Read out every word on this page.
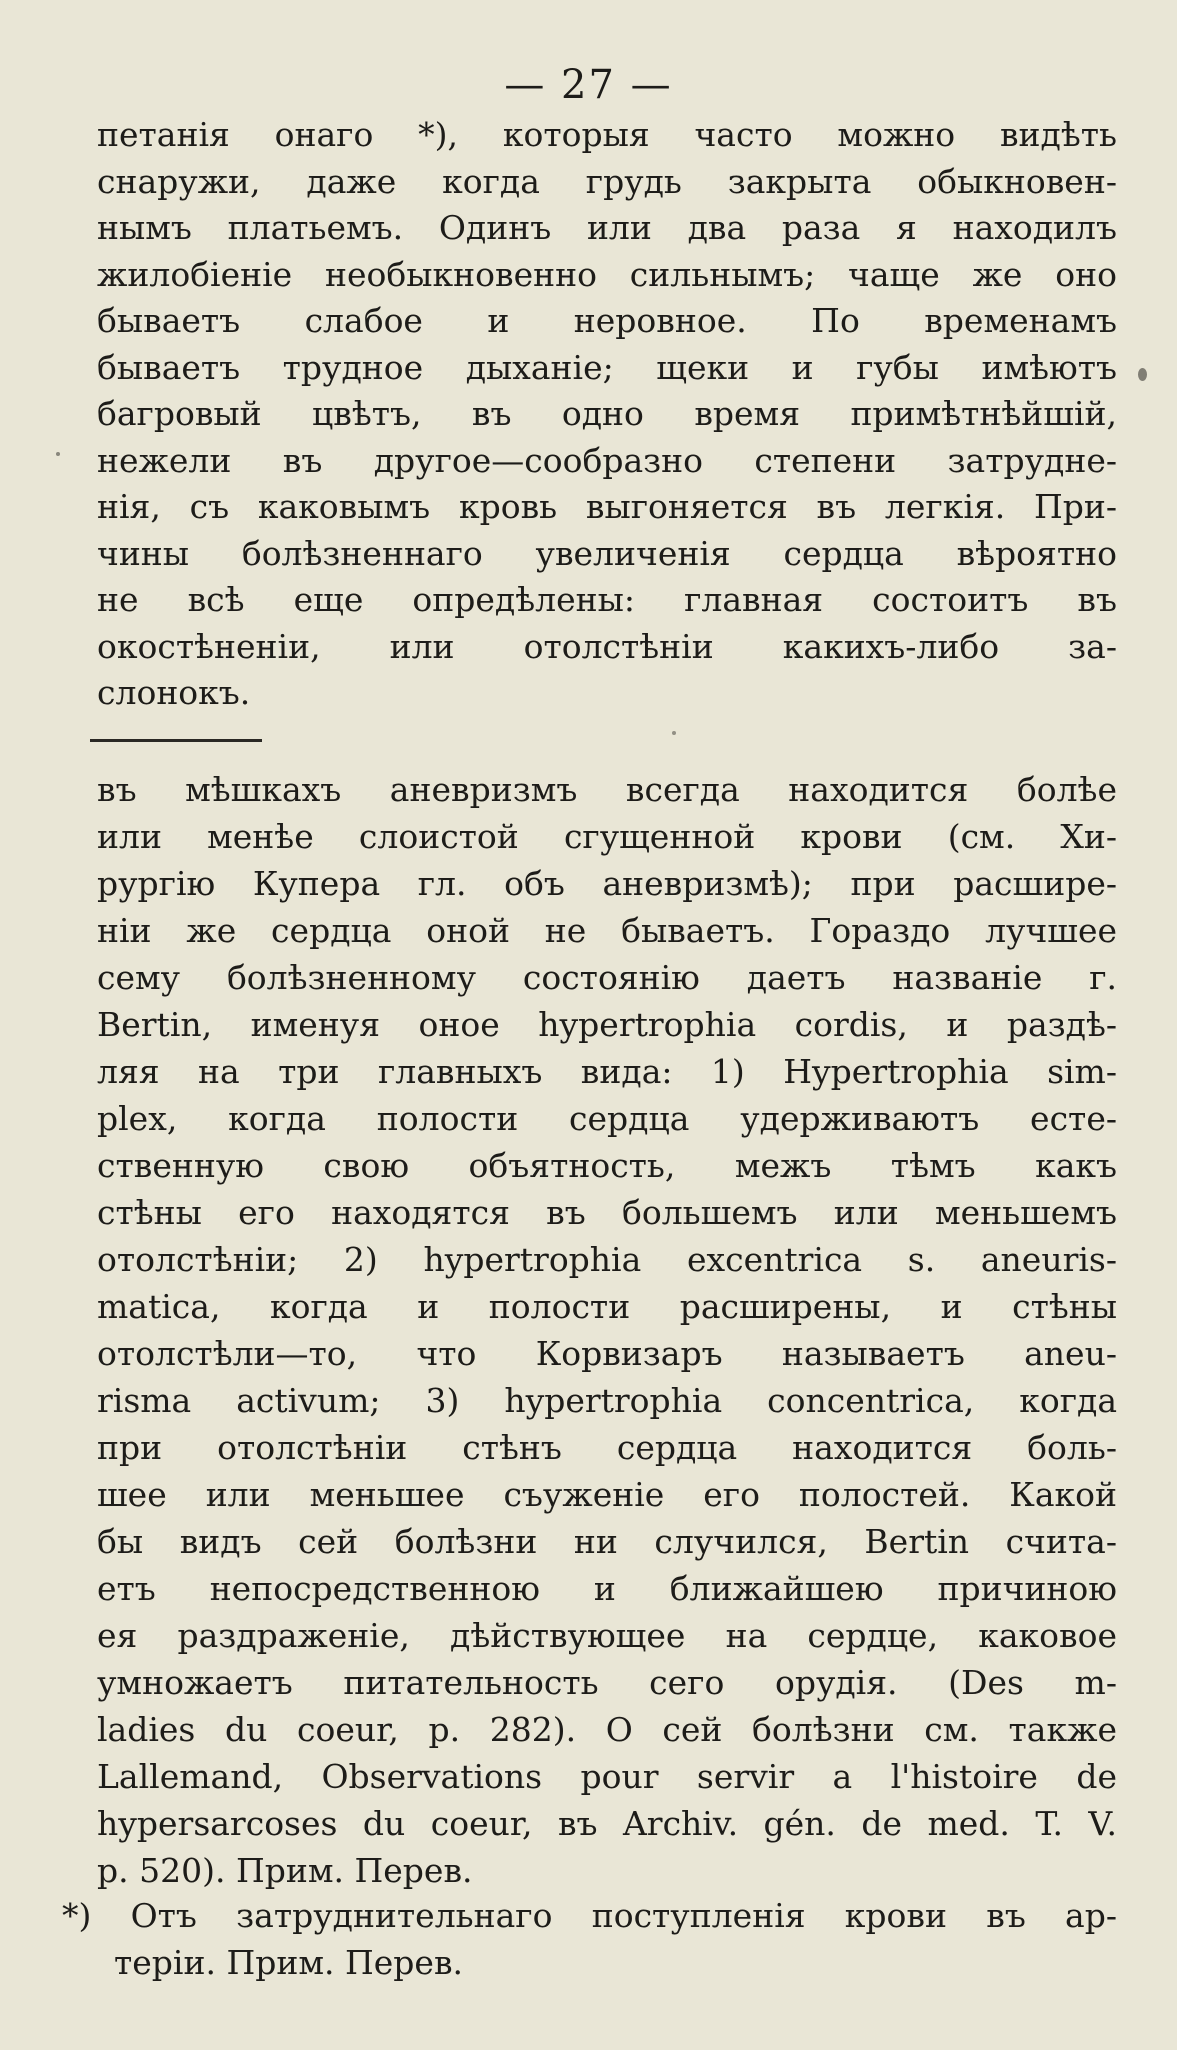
— 27 —
петанія онаго *), которыя часто можно видѣть
снаружи, даже когда грудь закрыта обыкновен-
нымъ платьемъ. Одинъ или два раза я находилъ
жилобіеніе необыкновенно сильнымъ; чаще же оно
бываетъ слабое и неровное. По временамъ
бываетъ трудное дыханіе; щеки и губы имѣютъ
багровый цвѣтъ, въ одно время примѣтнѣйшій,
нежели въ другое—сообразно степени затрудне-
нія, съ каковымъ кровь выгоняется въ легкія. При-
чины болѣзненнаго увеличенія сердца вѣроятно
не всѣ еще опредѣлены: главная состоитъ въ
окостѣненіи, или отолстѣніи какихъ-либо за-
слонокъ.
въ мѣшкахъ аневризмъ всегда находится болѣе
или менѣе слоистой сгущенной крови (см. Хи-
рургію Купера гл. объ аневризмѣ); при расшире-
ніи же сердца оной не бываетъ. Гораздо лучшее
сему болѣзненному состоянію даетъ названіе г.
Bertin, именуя оное hypertrophia cordis, и раздѣ-
ляя на три главныхъ вида: 1) Hypertrophia sim-
plex, когда полости сердца удерживаютъ есте-
ственную свою объятность, межъ тѣмъ какъ
стѣны его находятся въ большемъ или меньшемъ
отолстѣніи; 2) hypertrophia excentrica s. aneuris-
matica, когда и полости расширены, и стѣны
отолстѣли—то, что Корвизаръ называетъ aneu-
risma activum; 3) hypertrophia concentrica, когда
при отолстѣніи стѣнъ сердца находится боль-
шее или меньшее съуженіе его полостей. Какой
бы видъ сей болѣзни ни случился, Bertin считa-
етъ непосредственною и ближайшею причиною
ея раздраженіе, дѣйствующее на сердце, каковое
умножаетъ питательность сего орудія. (Des m-
ladies du coeur, p. 282). О сей болѣзни см. также
Lallemand, Observations pour servir a l'histoire de
hypersarcoses du coeur, въ Archiv. gén. de med. T. V.
p. 520). Прим. Перев.
*) Отъ затруднительнаго поступленія крови въ ар-
теріи. Прим. Перев.
